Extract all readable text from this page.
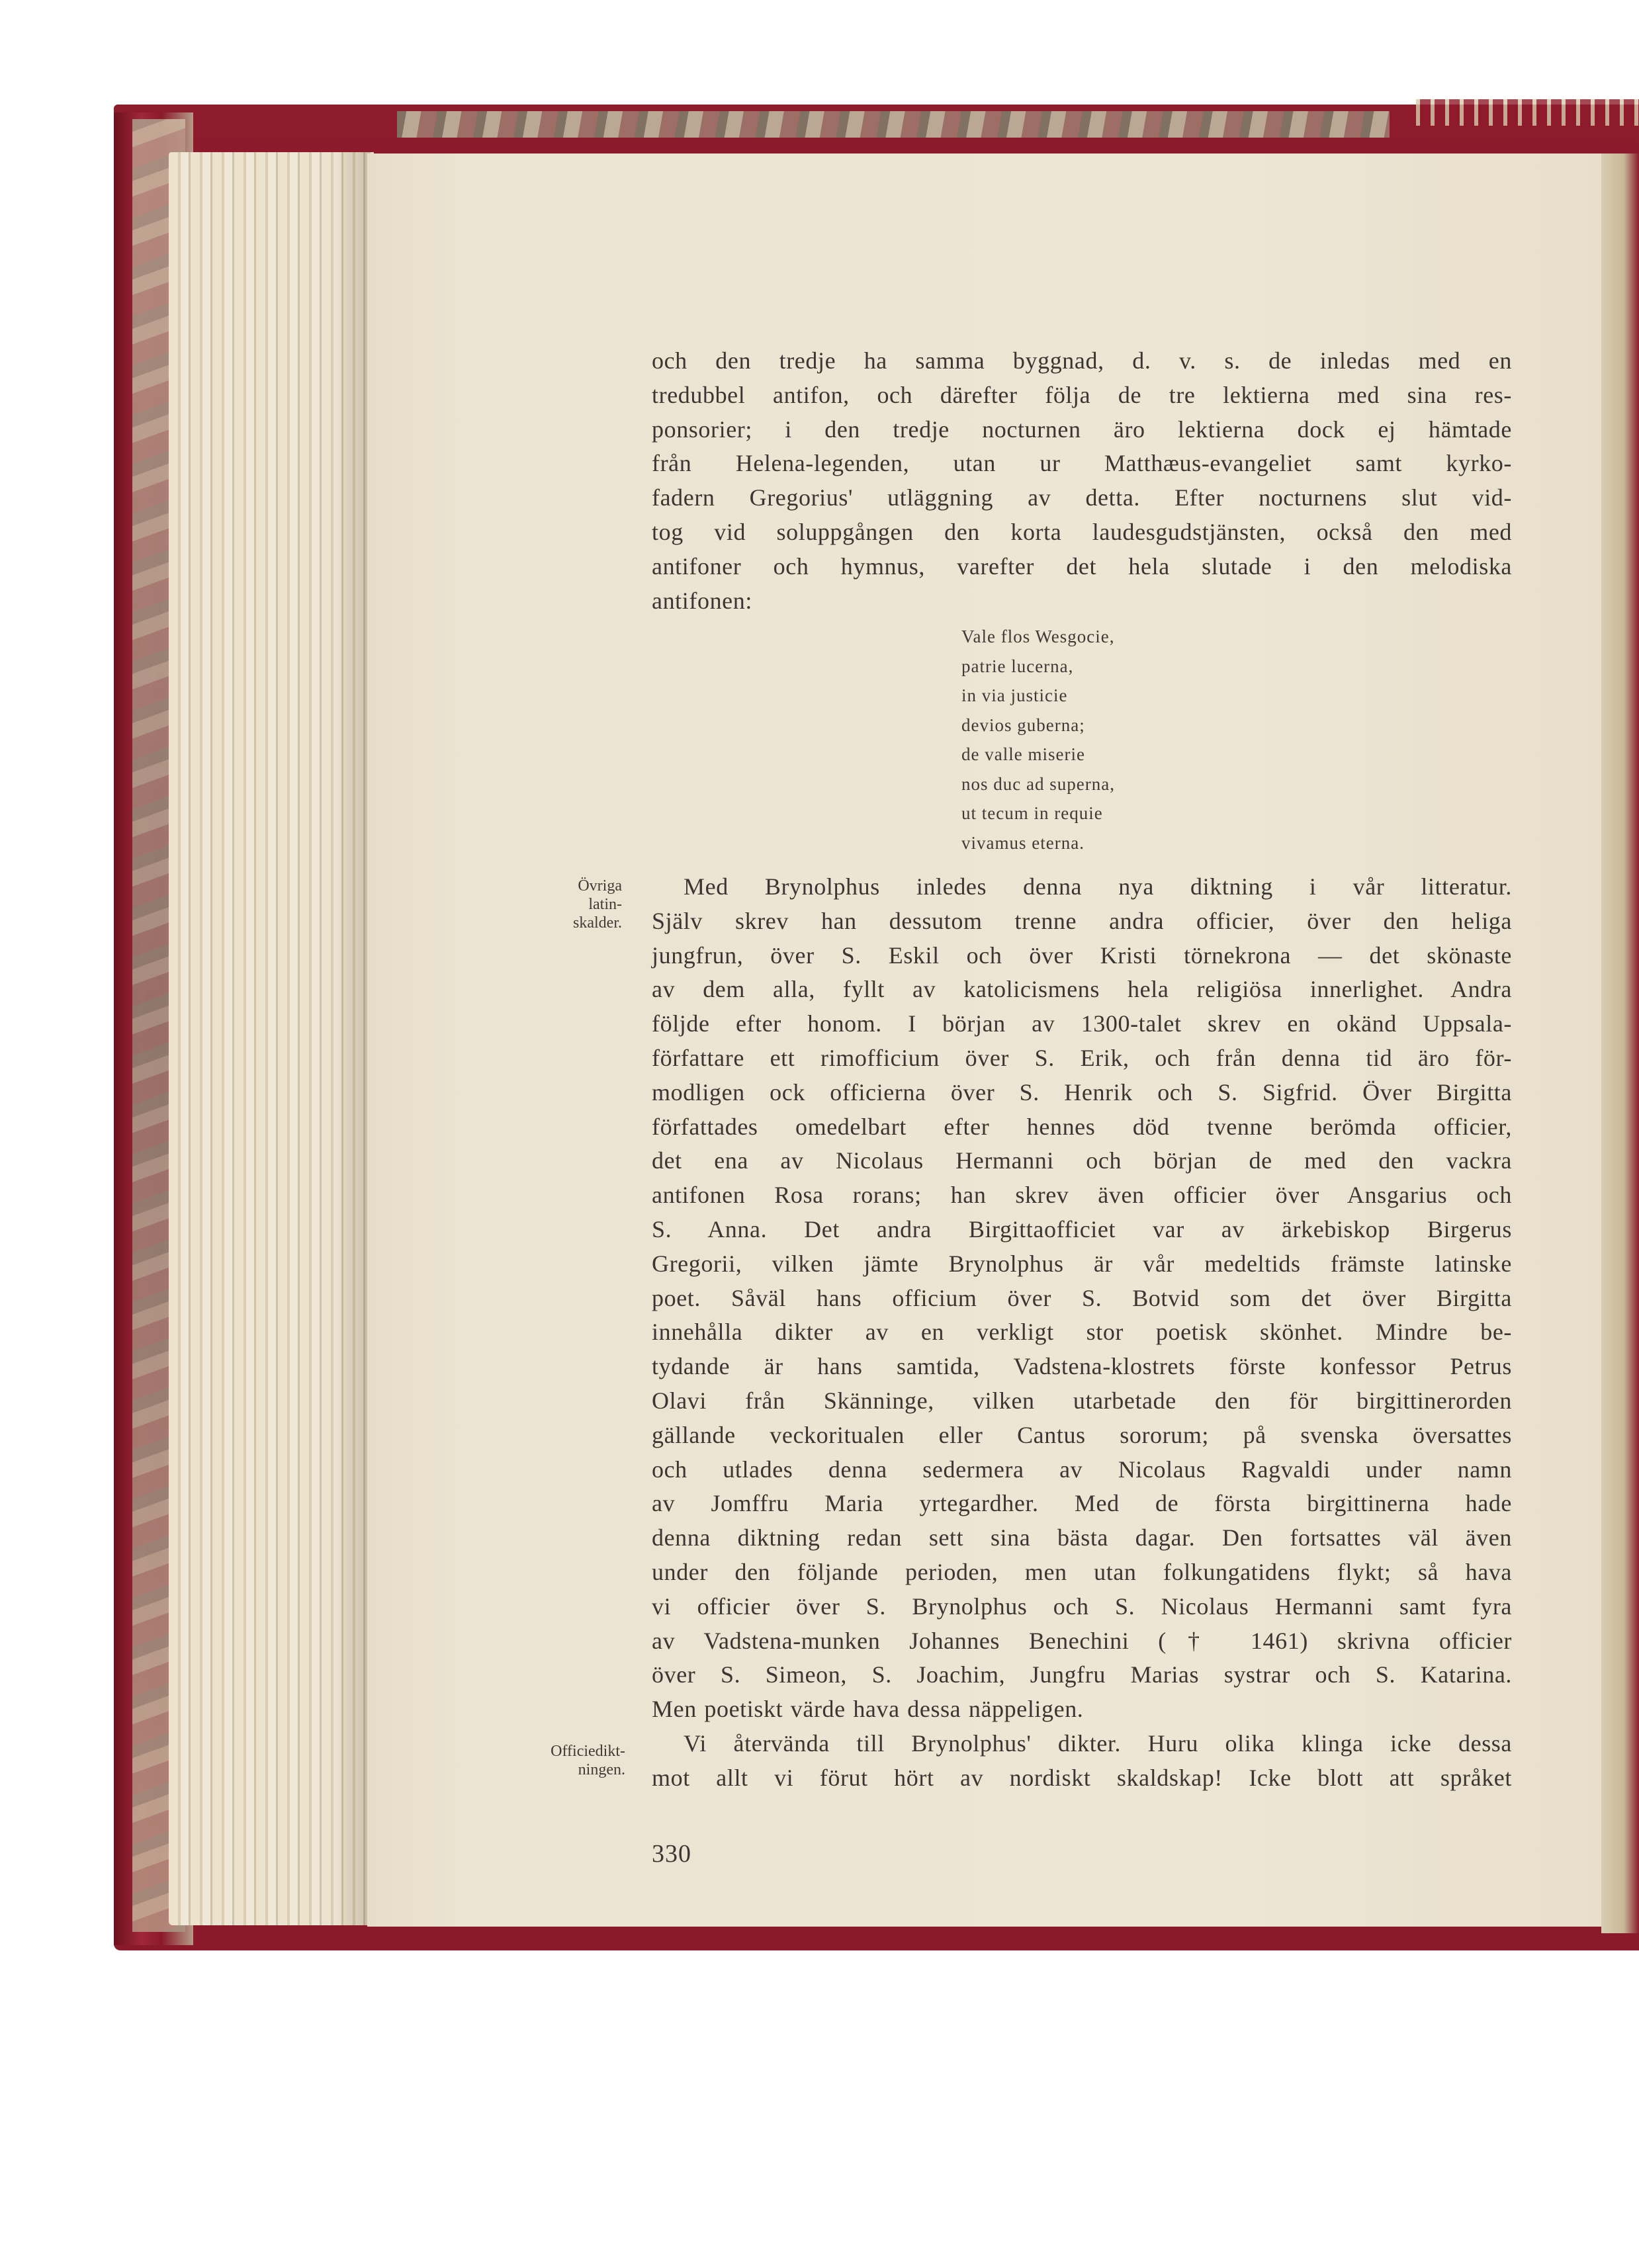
och den tredje ha samma byggnad, d. v. s. de inledas med en
tredubbel antifon, och därefter följa de tre lektierna med sina res-
ponsorier; i den tredje nocturnen äro lektierna dock ej hämtade
från Helena-legenden, utan ur Matthæus-evangeliet samt kyrko-
fadern Gregorius' utläggning av detta. Efter nocturnens slut vid-
tog vid soluppgången den korta laudesgudstjänsten, också den med
antifoner och hymnus, varefter det hela slutade i den melodiska
antifonen:
Vale flos Wesgocie,
patrie lucerna,
in via justicie
devios guberna;
de valle miserie
nos duc ad superna,
ut tecum in requie
vivamus eterna.
Övriga
latin-
skalder.
Med Brynolphus inledes denna nya diktning i vår litteratur.
Själv skrev han dessutom trenne andra officier, över den heliga
jungfrun, över S. Eskil och över Kristi törnekrona — det skönaste
av dem alla, fyllt av katolicismens hela religiösa innerlighet. Andra
följde efter honom. I början av 1300-talet skrev en okänd Uppsala-
författare ett rimofficium över S. Erik, och från denna tid äro för-
modligen ock officierna över S. Henrik och S. Sigfrid. Över Birgitta
författades omedelbart efter hennes död tvenne berömda officier,
det ena av Nicolaus Hermanni och början de med den vackra
antifonen Rosa rorans; han skrev även officier över Ansgarius och
S. Anna. Det andra Birgittaofficiet var av ärkebiskop Birgerus
Gregorii, vilken jämte Brynolphus är vår medeltids främste latinske
poet. Såväl hans officium över S. Botvid som det över Birgitta
innehålla dikter av en verkligt stor poetisk skönhet. Mindre be-
tydande är hans samtida, Vadstena-klostrets förste konfessor Petrus
Olavi från Skänninge, vilken utarbetade den för birgittinerorden
gällande veckoritualen eller Cantus sororum; på svenska översattes
och utlades denna sedermera av Nicolaus Ragvaldi under namn
av Jomffru Maria yrtegardher. Med de första birgittinerna hade
denna diktning redan sett sina bästa dagar. Den fortsattes väl även
under den följande perioden, men utan folkungatidens flykt; så hava
vi officier över S. Brynolphus och S. Nicolaus Hermanni samt fyra
av Vadstena-munken Johannes Benechini († 1461) skrivna officier
över S. Simeon, S. Joachim, Jungfru Marias systrar och S. Katarina.
Men poetiskt värde hava dessa näppeligen.
Vi återvända till Brynolphus' dikter. Huru olika klinga icke dessa
mot allt vi förut hört av nordiskt skaldskap! Icke blott att språket
Officiedikt-
ningen.
330
